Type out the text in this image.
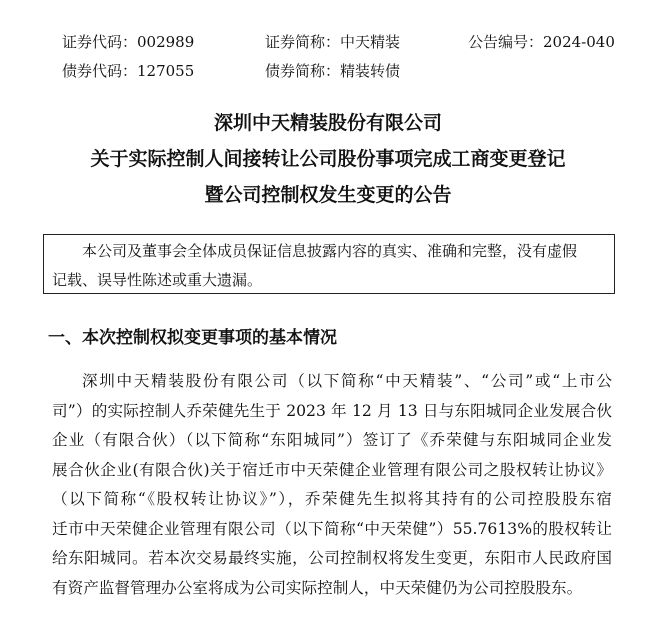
证券代码：002989	证券简称：中天精装	公告编号：2024-040
债券代码：127055	债券简称：精装转债
深圳中天精装股份有限公司
关于实际控制人间接转让公司股份事项完成工商变更登记
暨公司控制权发生变更的公告

本公司及董事会全体成员保证信息披露内容的真实、准确和完整，没有虚假
记载、误导性陈述或重大遗漏。

一、本次控制权拟变更事项的基本情况
深圳中天精装股份有限公司（以下简称“中天精装”、“公司”或“上市公
司”）的实际控制人乔荣健先生于 2023 年 12 月 13 日与东阳城同企业发展合伙
企业（有限合伙）（以下简称“东阳城同”）签订了《乔荣健与东阳城同企业发
展合伙企业(有限合伙)关于宿迁市中天荣健企业管理有限公司之股权转让协议》
（以下简称“《股权转让协议》”），乔荣健先生拟将其持有的公司控股股东宿
迁市中天荣健企业管理有限公司（以下简称“中天荣健”）55.7613%的股权转让
给东阳城同。若本次交易最终实施，公司控制权将发生变更，东阳市人民政府国
有资产监督管理办公室将成为公司实际控制人，中天荣健仍为公司控股股东。
